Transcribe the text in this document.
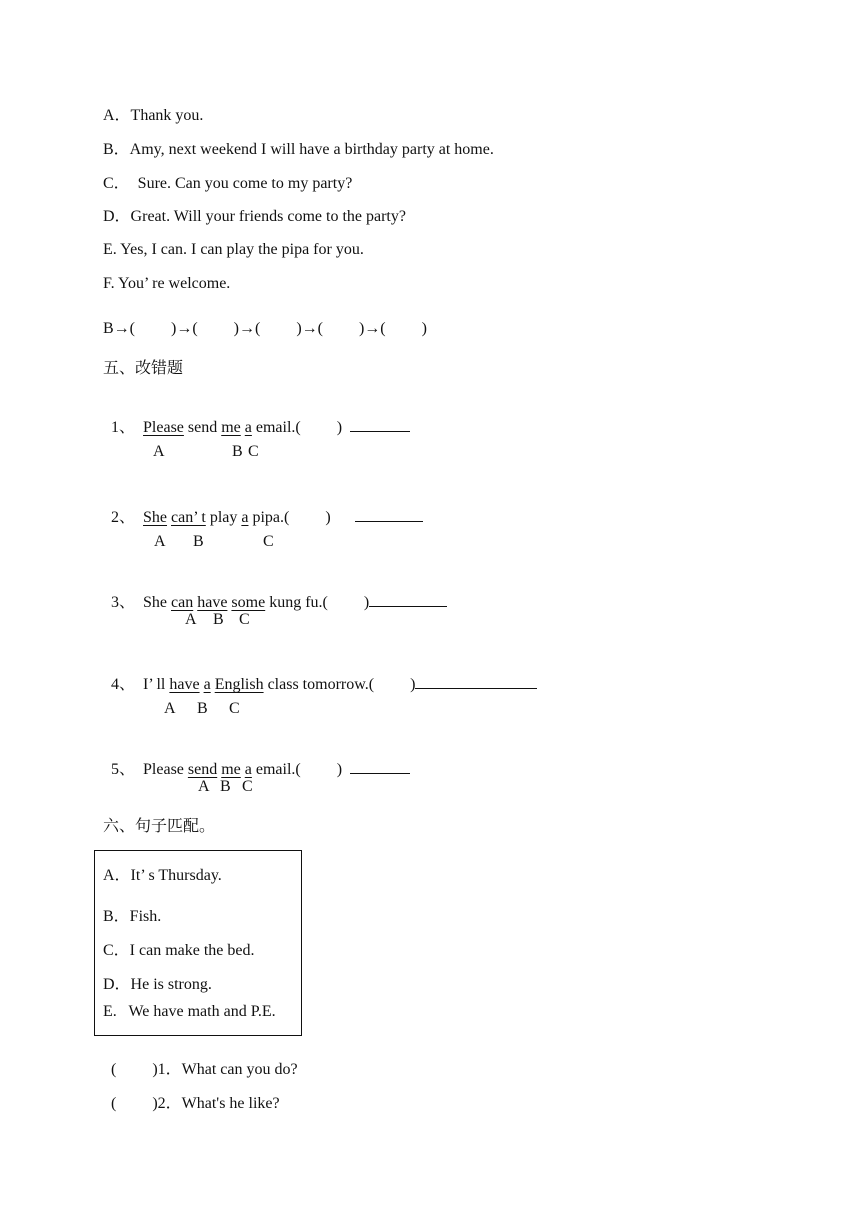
A．Thank you.
B．Amy, next weekend I will have a birthday party at home.
C．  Sure. Can you come to my party?
D．Great. Will your friends come to the party?
E. Yes, I can. I can play the pipa for you.
F. You’ re welcome.
B→(         )→(         )→(         )→(         )→(         )
五、改错题

1、 Please send me a email.(         )

A	B C

2、 She can’ t play a pipa.(         )

A B	C

3、 She can have some kung fu.(         )

A B C

4、 I’ ll have a English class tomorrow.(         )

A B C

5、 Please send me a email.(         )

A B C
六、句子匹配。
A．It’ s Thursday.
B．Fish.
C．I can make the bed.
D．He is strong.
E.   We have math and P.E.

(         )1．What can you do?

(         )2．What's he like?
